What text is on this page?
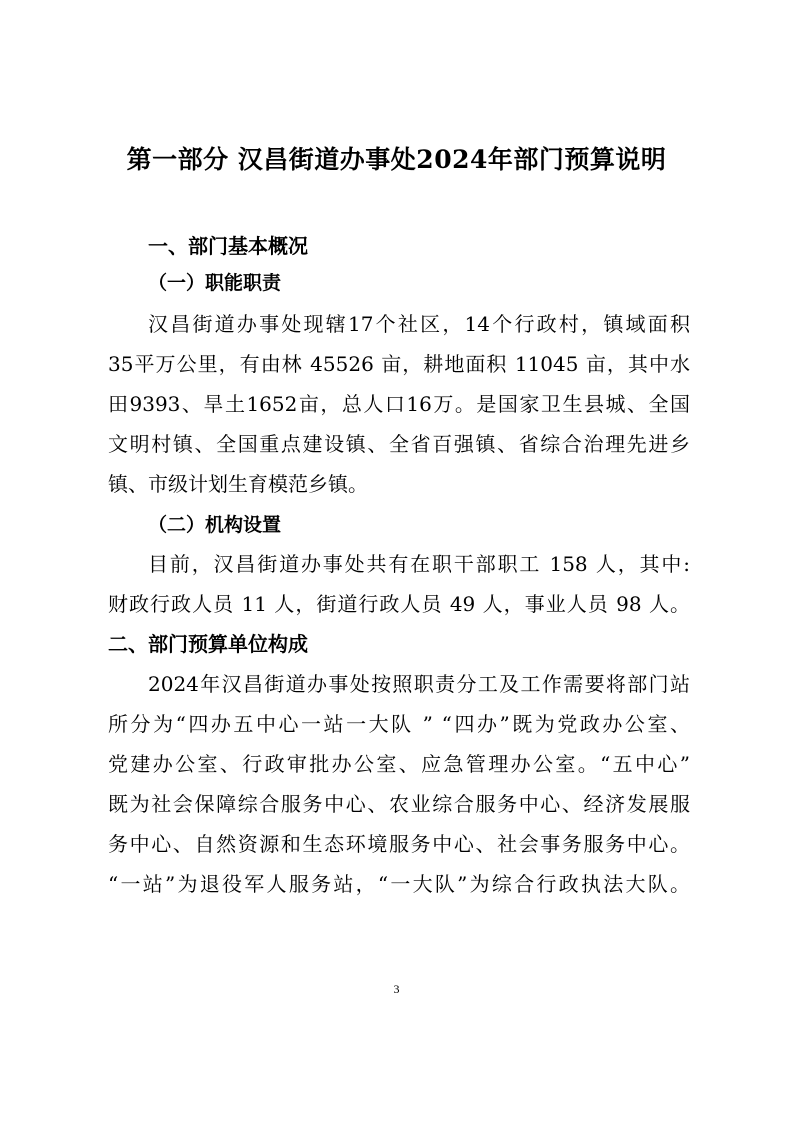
第一部分 汉昌街道办事处2024年部门预算说明
一、部门基本概况
（一）职能职责
汉昌街道办事处现辖17个社区，14个行政村，镇域面积
35平万公里，有由林 45526 亩，耕地面积 11045 亩，其中水
田9393、旱土1652亩，总人口16万。是国家卫生县城、全国
文明村镇、全国重点建设镇、全省百强镇、省综合治理先进乡
镇、市级计划生育模范乡镇。
（二）机构设置
目前，汉昌街道办事处共有在职干部职工 158 人，其中:
财政行政人员 11 人，街道行政人员 49 人，事业人员 98 人。
二、部门预算单位构成
2024年汉昌街道办事处按照职责分工及工作需要将部门站
所分为“四办五中心一站一大队 ” “四办”既为党政办公室、
党建办公室、行政审批办公室、应急管理办公室。“五中心”
既为社会保障综合服务中心、农业综合服务中心、经济发展服
务中心、自然资源和生态环境服务中心、社会事务服务中心。
“一站”为退役军人服务站，“一大队”为综合行政执法大队。
3
